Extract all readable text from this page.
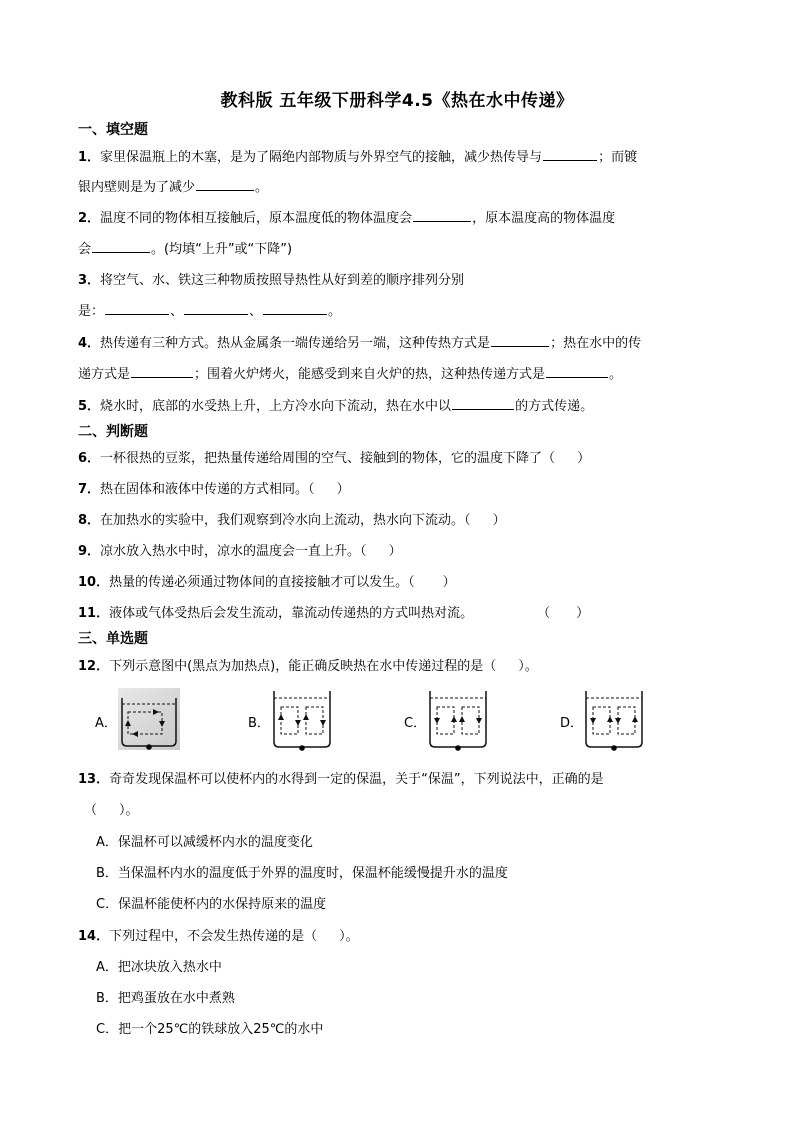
教科版 五年级下册科学4.5《热在水中传递》
一、填空题
1．家里保温瓶上的木塞，是为了隔绝内部物质与外界空气的接触，减少热传导与	；而镀
银内壁则是为了减少	。
2．温度不同的物体相互接触后，原本温度低的物体温度会	，原本温度高的物体温度
会	。(均填“上升”或“下降”)
3．将空气、水、铁这三种物质按照导热性从好到差的顺序排列分别
是：	、	、	。
4．热传递有三种方式。热从金属条一端传递给另一端，这种传热方式是	；热在水中的传
递方式是	；围着火炉烤火，能感受到来自火炉的热，这种热传递方式是	。
5．烧水时，底部的水受热上升，上方冷水向下流动，热在水中以	的方式传递。
二、判断题
6．一杯很热的豆浆，把热量传递给周围的空气、接触到的物体，它的温度下降了（ ）
7．热在固体和液体中传递的方式相同。（ ）
8．在加热水的实验中，我们观察到冷水向上流动，热水向下流动。（ ）
9．凉水放入热水中时，凉水的温度会一直上升。（ ）
10．热量的传递必须通过物体间的直接接触才可以发生。（ ）
11．液体或气体受热后会发生流动，靠流动传递热的方式叫热对流。	（ ）
三、单选题
12．下列示意图中(黑点为加热点)，能正确反映热在水中传递过程的是（ ）。
A．	B．	C．	D．
13．奇奇发现保温杯可以使杯内的水得到一定的保温，关于“保温”，下列说法中，正确的是
（ ）。
A．保温杯可以减缓杯内水的温度变化
B．当保温杯内水的温度低于外界的温度时，保温杯能缓慢提升水的温度
C．保温杯能使杯内的水保持原来的温度
14．下列过程中，不会发生热传递的是（ ）。
A．把冰块放入热水中
B．把鸡蛋放在水中煮熟
C．把一个25℃的铁球放入25℃的水中
